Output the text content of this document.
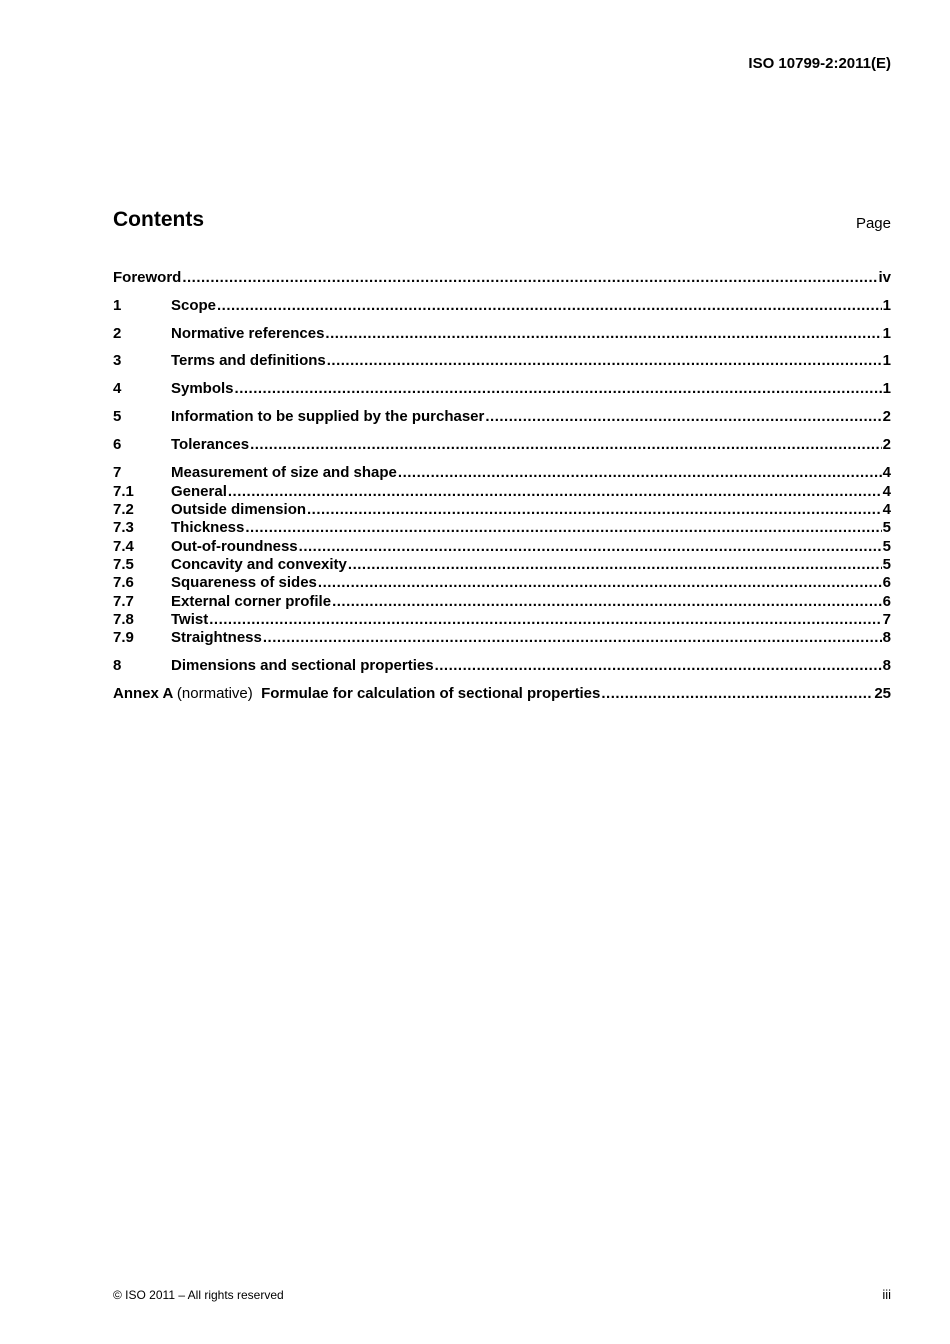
ISO 10799-2:2011(E)
Contents	Page
Foreword .....	iv
1	Scope .....	1
2	Normative references .....	1
3	Terms and definitions .....	1
4	Symbols .....	1
5	Information to be supplied by the purchaser .....	2
6	Tolerances .....	2
7	Measurement of size and shape .....	4
7.1	General .....	4
7.2	Outside dimension .....	4
7.3	Thickness .....	5
7.4	Out-of-roundness .....	5
7.5	Concavity and convexity .....	5
7.6	Squareness of sides .....	6
7.7	External corner profile .....	6
7.8	Twist .....	7
7.9	Straightness .....	8
8	Dimensions and sectional properties .....	8
Annex A (normative) Formulae for calculation of sectional properties .....	25
© ISO 2011 – All rights reserved	iii
